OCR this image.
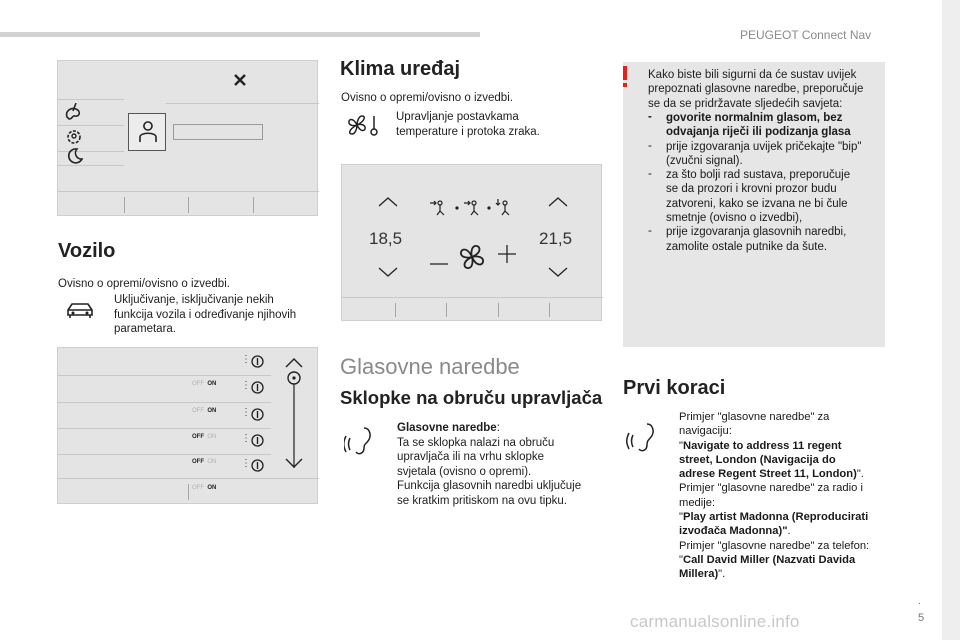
PEUGEOT Connect Nav
.
5
carmanualsonline.info
Vozilo
Ovisno o opremi/ovisno o izvedbi.
Uključivanje, isključivanje nekih
funkcija vozila i određivanje njihovih
parametara.
⋮
⋮
⋮
⋮
⋮
OFF ON
OFF ON
OFF ON
OFF ON
OFF ON
Klima uređaj
Ovisno o opremi/ovisno o izvedbi.
Upravljanje postavkama
temperature i protoka zraka.
18,5	21,5
Glasovne naredbe
Sklopke na obruču upravljača
Glasovne naredbe:
Ta se sklopka nalazi na obruču
upravljača ili na vrhu sklopke
svjetala (ovisno o opremi).
Funkcija glasovnih naredbi uključuje
se kratkim pritiskom na ovu tipku.
Kako biste bili sigurni da će sustav uvijek
prepoznati glasovne naredbe, preporučuje
se da se pridržavate sljedećih savjeta:
- govorite normalnim glasom, bez
odvajanja riječi ili podizanja glasa
- prije izgovaranja uvijek pričekajte "bip"
(zvučni signal).
- za što bolji rad sustava, preporučuje
se da prozori i krovni prozor budu
zatvoreni, kako se izvana ne bi čule
smetnje (ovisno o izvedbi),
- prije izgovaranja glasovnih naredbi,
zamolite ostale putnike da šute.
Prvi koraci
Primjer "glasovne naredbe" za
navigaciju:
"Navigate to address 11 regent
street, London (Navigacija do
adrese Regent Street 11, London)".
Primjer "glasovne naredbe" za radio i
medije:
"Play artist Madonna (Reproducirati
izvođača Madonna)".
Primjer "glasovne naredbe" za telefon:
"Call David Miller (Nazvati Davida
Millera)".
